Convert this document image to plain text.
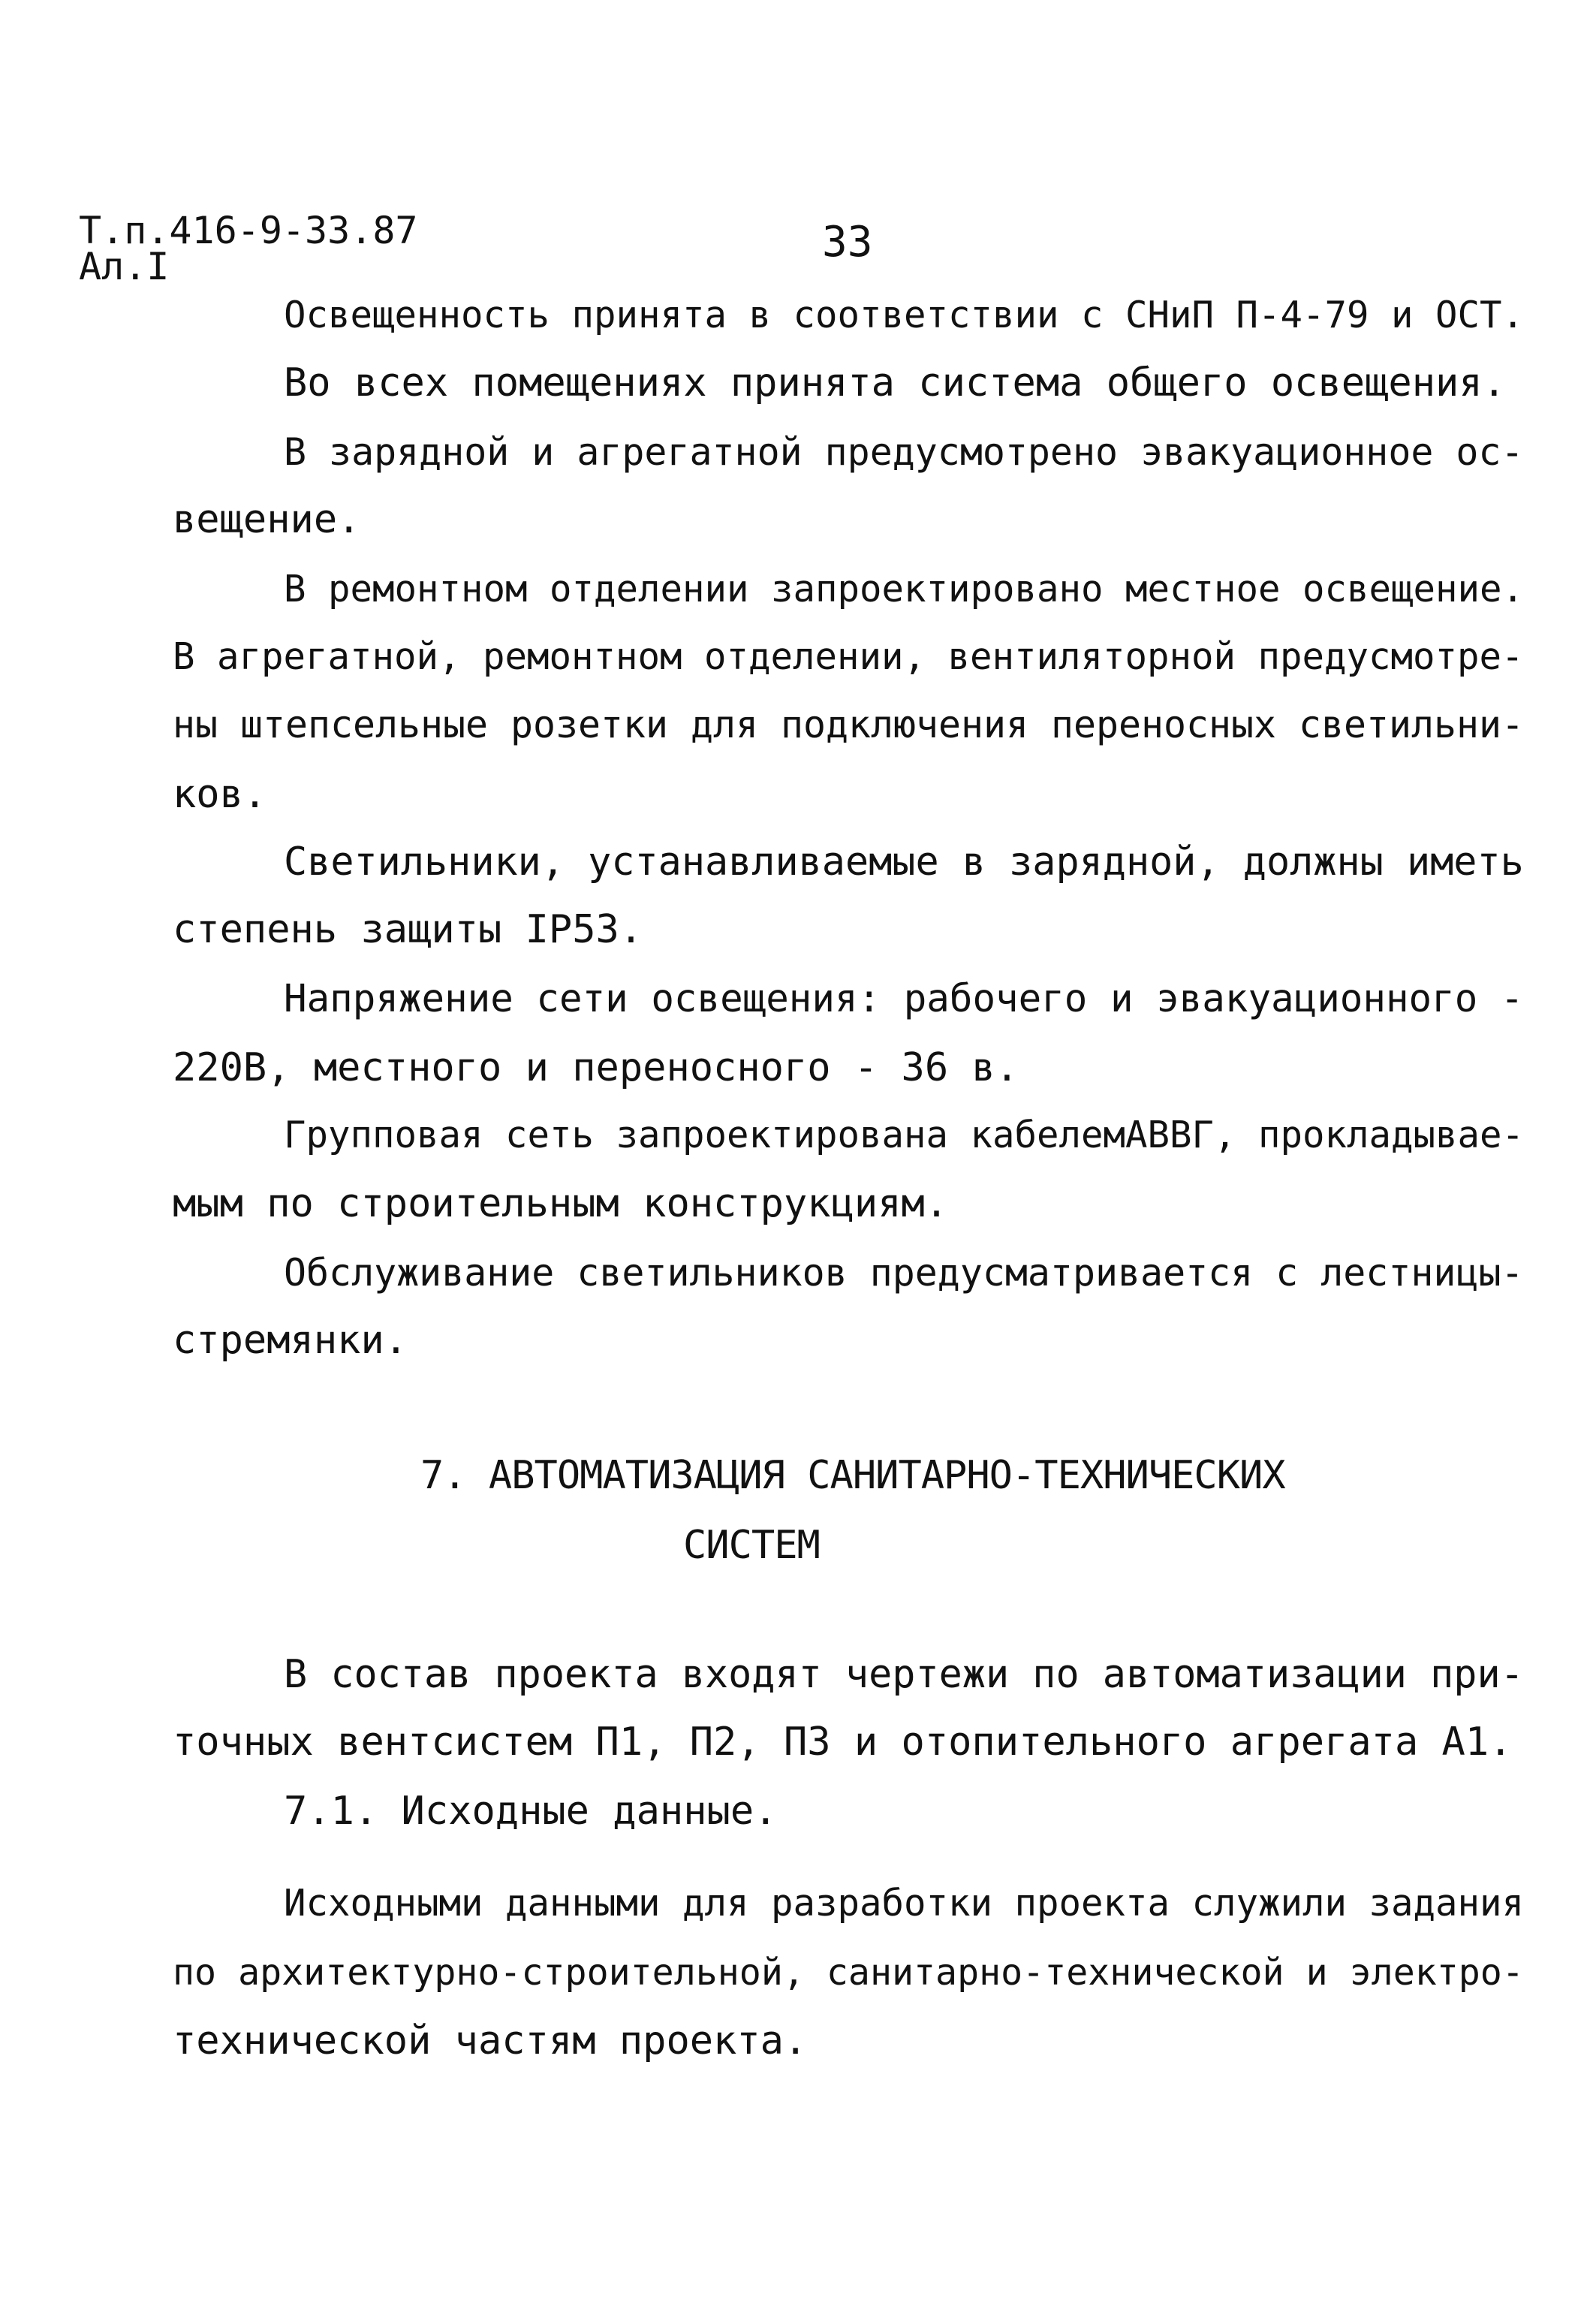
Т.п.416-9-33.87
Ал.I	33
Освещенность принята в соответствии с СНиП П-4-79 и ОСТ.
Во всех помещениях принята система общего освещения.
В зарядной и агрегатной предусмотрено эвакуационное ос-
вещение.
В ремонтном отделении запроектировано местное освещение.
В агрегатной, ремонтном отделении, вентиляторной предусмотре-
ны штепсельные розетки для подключения переносных светильни-
ков.
Светильники, устанавливаемые в зарядной, должны иметь
степень защиты IP53.
Напряжение сети освещения: рабочего и эвакуационного -
220В, местного и переносного - 36 в.
Групповая сеть запроектирована кабелемАВВГ, прокладывае-
мым по строительным конструкциям.
Обслуживание светильников предусматривается с лестницы-
стремянки.
7. АВТОМАТИЗАЦИЯ САНИТАРНО-ТЕХНИЧЕСКИХ
СИСТЕМ
В состав проекта входят чертежи по автоматизации при-
точных вентсистем П1, П2, П3 и отопительного агрегата А1.
7.1. Исходные данные.
Исходными данными для разработки проекта служили задания
по архитектурно-строительной, санитарно-технической и электро-
технической частям проекта.
